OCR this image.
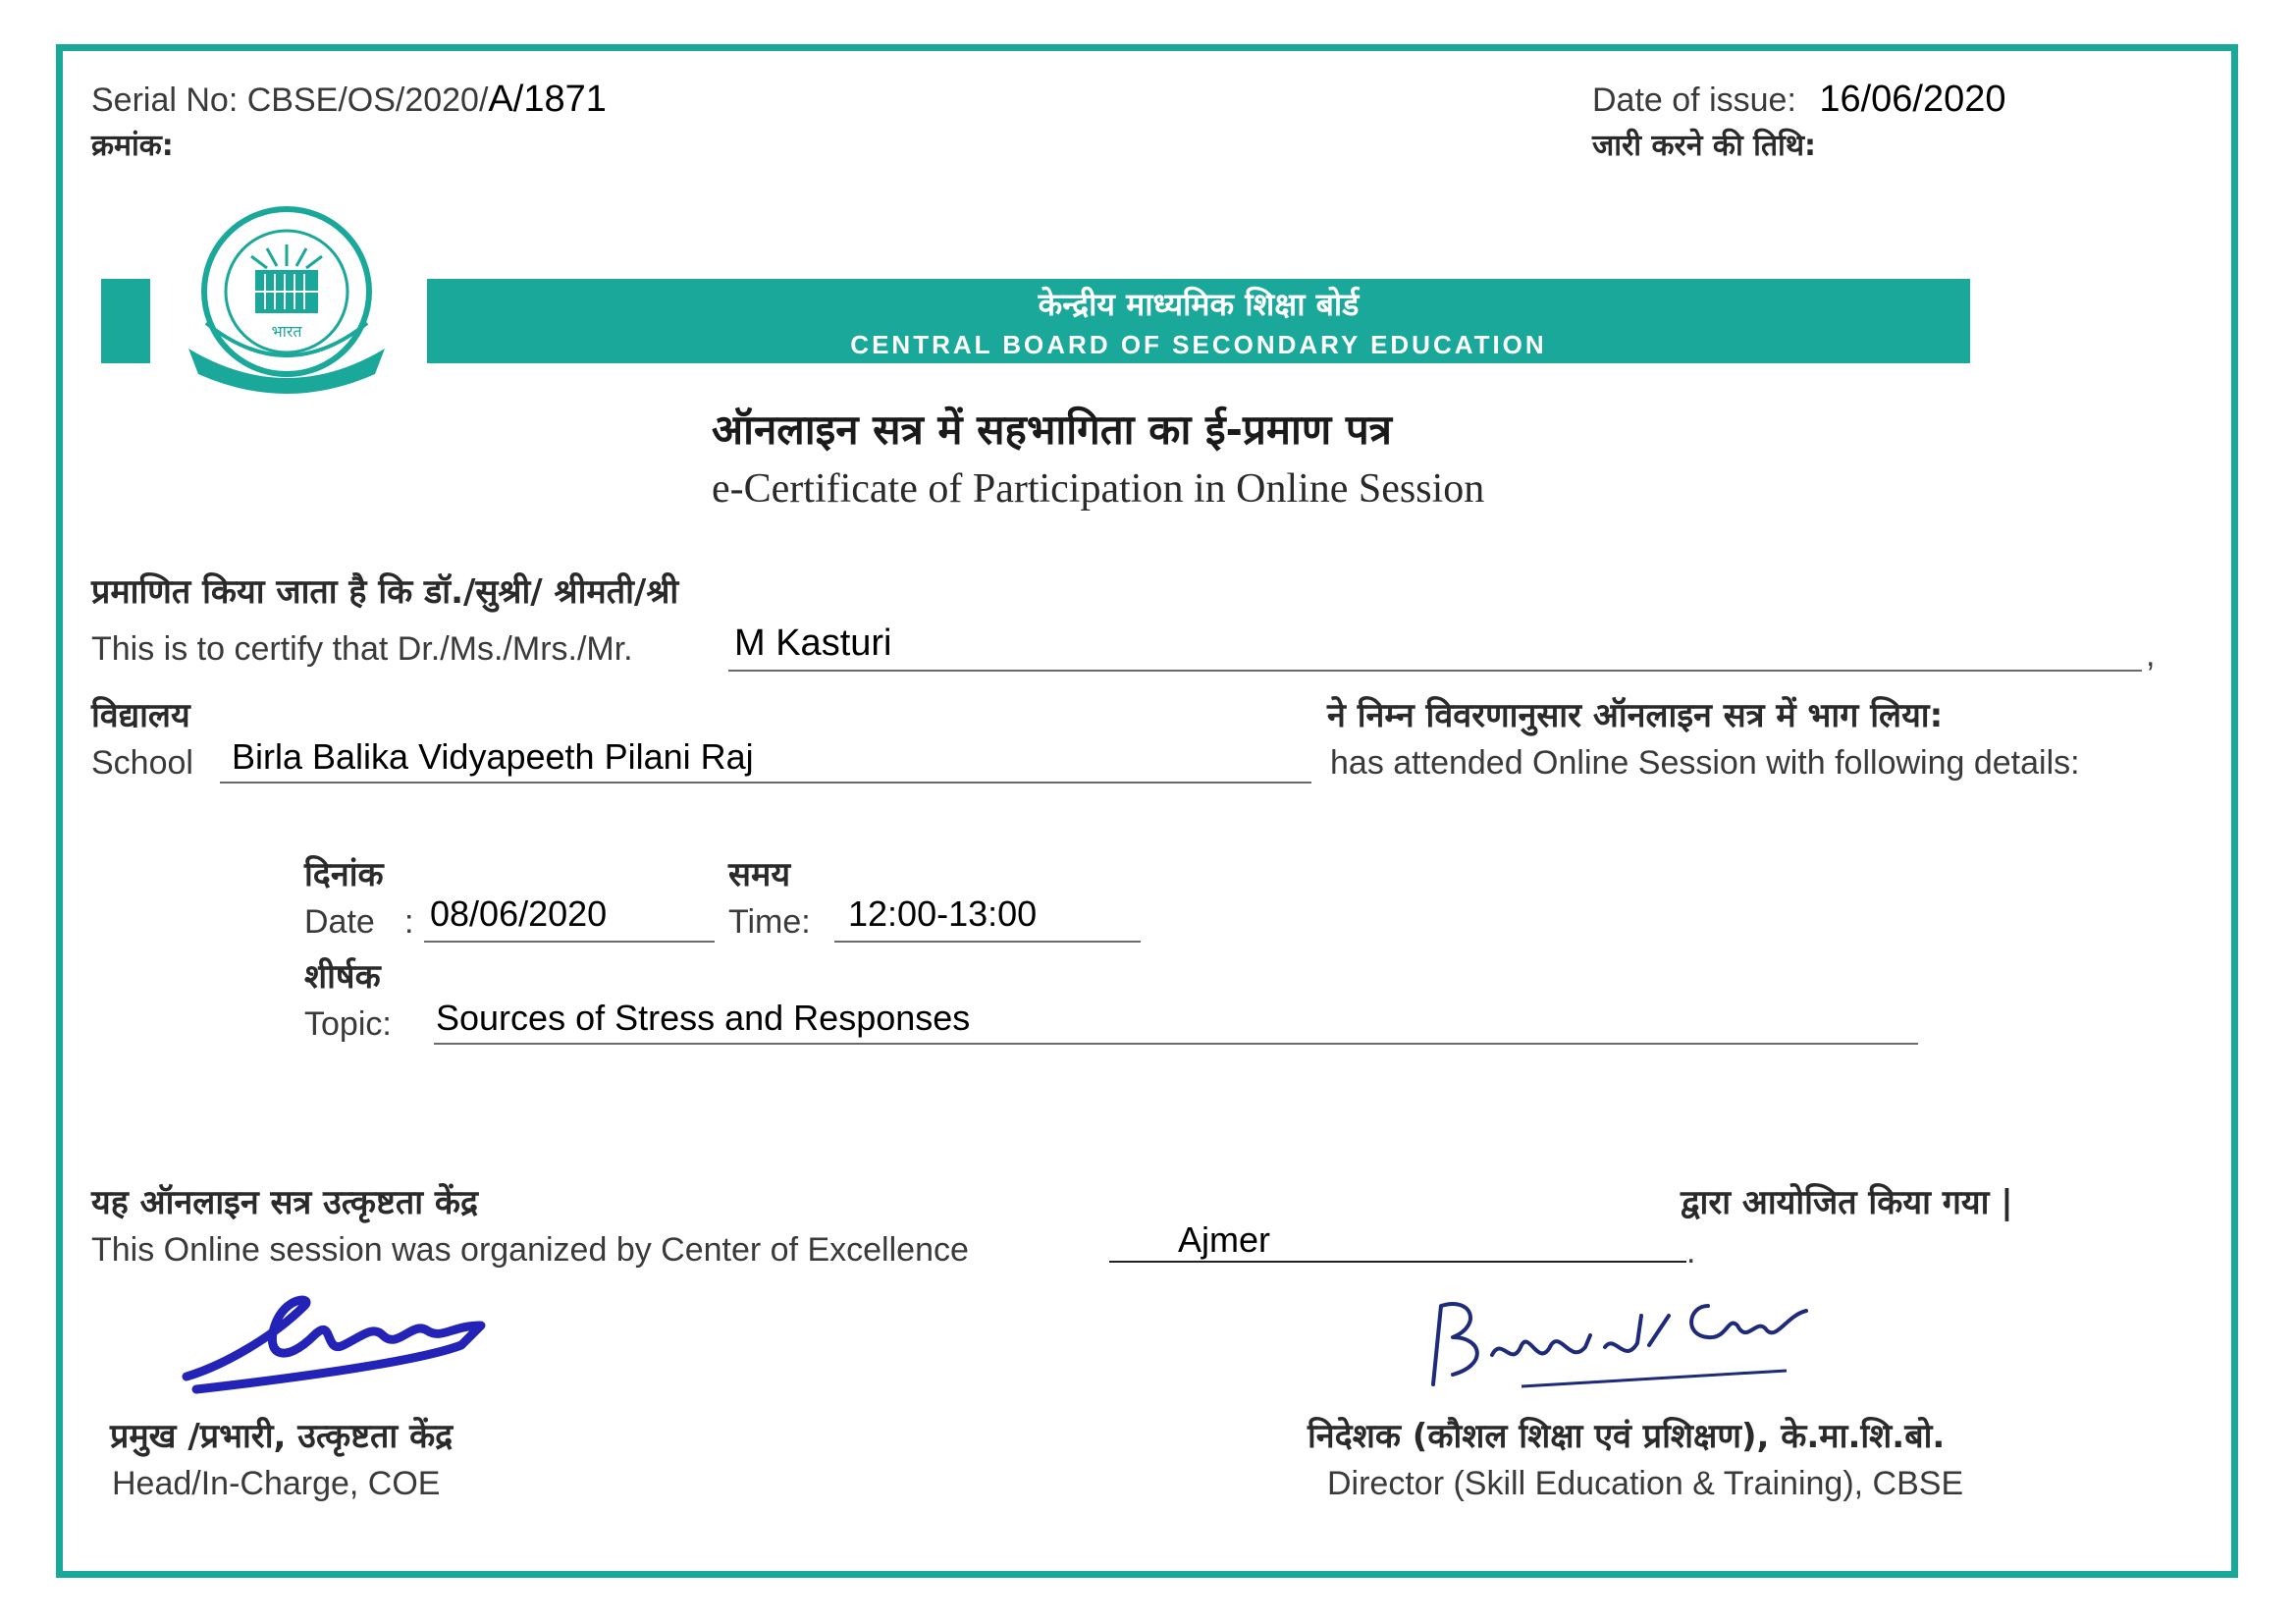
Serial No: CBSE/OS/2020/A/1871
क्रमांक:
Date of issue: 16/06/2020
जारी करने की तिथि:
भारत
केन्द्रीय माध्यमिक शिक्षा बोर्ड
CENTRAL BOARD OF SECONDARY EDUCATION
ऑनलाइन सत्र में सहभागिता का ई-प्रमाण पत्र
e-Certificate of Participation in Online Session
प्रमाणित किया जाता है कि डॉ./सुश्री/ श्रीमती/श्री
This is to certify that Dr./Ms./Mrs./Mr.	M Kasturi	,
विद्यालय
School Birla Balika Vidyapeeth Pilani Raj
ने निम्न विवरणानुसार ऑनलाइन सत्र में भाग लिया:
has attended Online Session with following details:
दिनांक
Date : 08/06/2020
समय
Time: 12:00-13:00
शीर्षक
Topic: Sources of Stress and Responses
यह ऑनलाइन सत्र उत्कृष्टता केंद्र	द्वारा आयोजित किया गया |
This Online session was organized by Center of Excellence	Ajmer	.
प्रमुख /प्रभारी, उत्कृष्टता केंद्र
Head/In-Charge, COE
निदेशक (कौशल शिक्षा एवं प्रशिक्षण), के.मा.शि.बो.
Director (Skill Education & Training), CBSE
